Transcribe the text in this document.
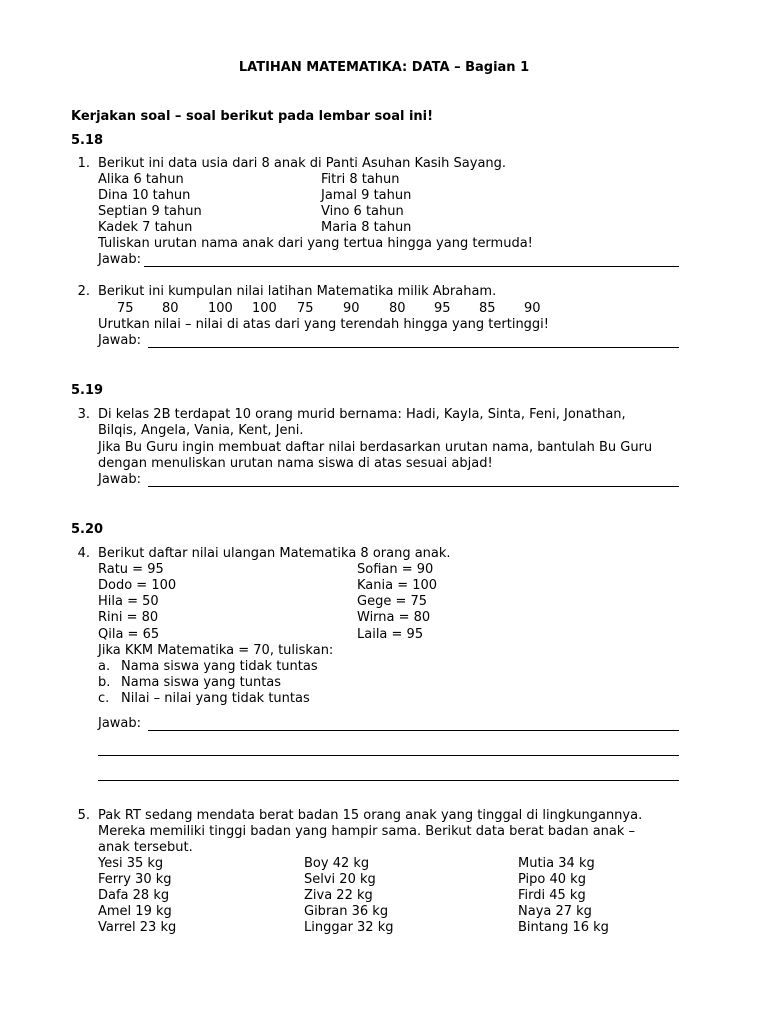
LATIHAN MATEMATIKA: DATA – Bagian 1
Kerjakan soal – soal berikut pada lembar soal ini!
5.18
1. Berikut ini data usia dari 8 anak di Panti Asuhan Kasih Sayang.
Alika 6 tahun
Dina 10 tahun
Septian 9 tahun
Kadek 7 tahun
Fitri 8 tahun
Jamal 9 tahun
Vino 6 tahun
Maria 8 tahun
Tuliskan urutan nama anak dari yang tertua hingga yang termuda!
Jawab:
2. Berikut ini kumpulan nilai latihan Matematika milik Abraham.
75 80 100 100 75 90 80 95 85 90
Urutkan nilai – nilai di atas dari yang terendah hingga yang tertinggi!
Jawab:
5.19
3. Di kelas 2B terdapat 10 orang murid bernama: Hadi, Kayla, Sinta, Feni, Jonathan,
Bilqis, Angela, Vania, Kent, Jeni.
Jika Bu Guru ingin membuat daftar nilai berdasarkan urutan nama, bantulah Bu Guru
dengan menuliskan urutan nama siswa di atas sesuai abjad!
Jawab:
5.20
4. Berikut daftar nilai ulangan Matematika 8 orang anak.
Ratu = 95
Dodo = 100
Hila = 50
Rini = 80
Qila = 65
Sofian = 90
Kania = 100
Gege = 75
Wirna = 80
Laila = 95
Jika KKM Matematika = 70, tuliskan:
a. Nama siswa yang tidak tuntas
b. Nama siswa yang tuntas
c. Nilai – nilai yang tidak tuntas
Jawab:
5. Pak RT sedang mendata berat badan 15 orang anak yang tinggal di lingkungannya.
Mereka memiliki tinggi badan yang hampir sama. Berikut data berat badan anak –
anak tersebut.
Yesi 35 kg
Ferry 30 kg
Dafa 28 kg
Amel 19 kg
Varrel 23 kg
Boy 42 kg
Selvi 20 kg
Ziva 22 kg
Gibran 36 kg
Linggar 32 kg
Mutia 34 kg
Pipo 40 kg
Firdi 45 kg
Naya 27 kg
Bintang 16 kg
